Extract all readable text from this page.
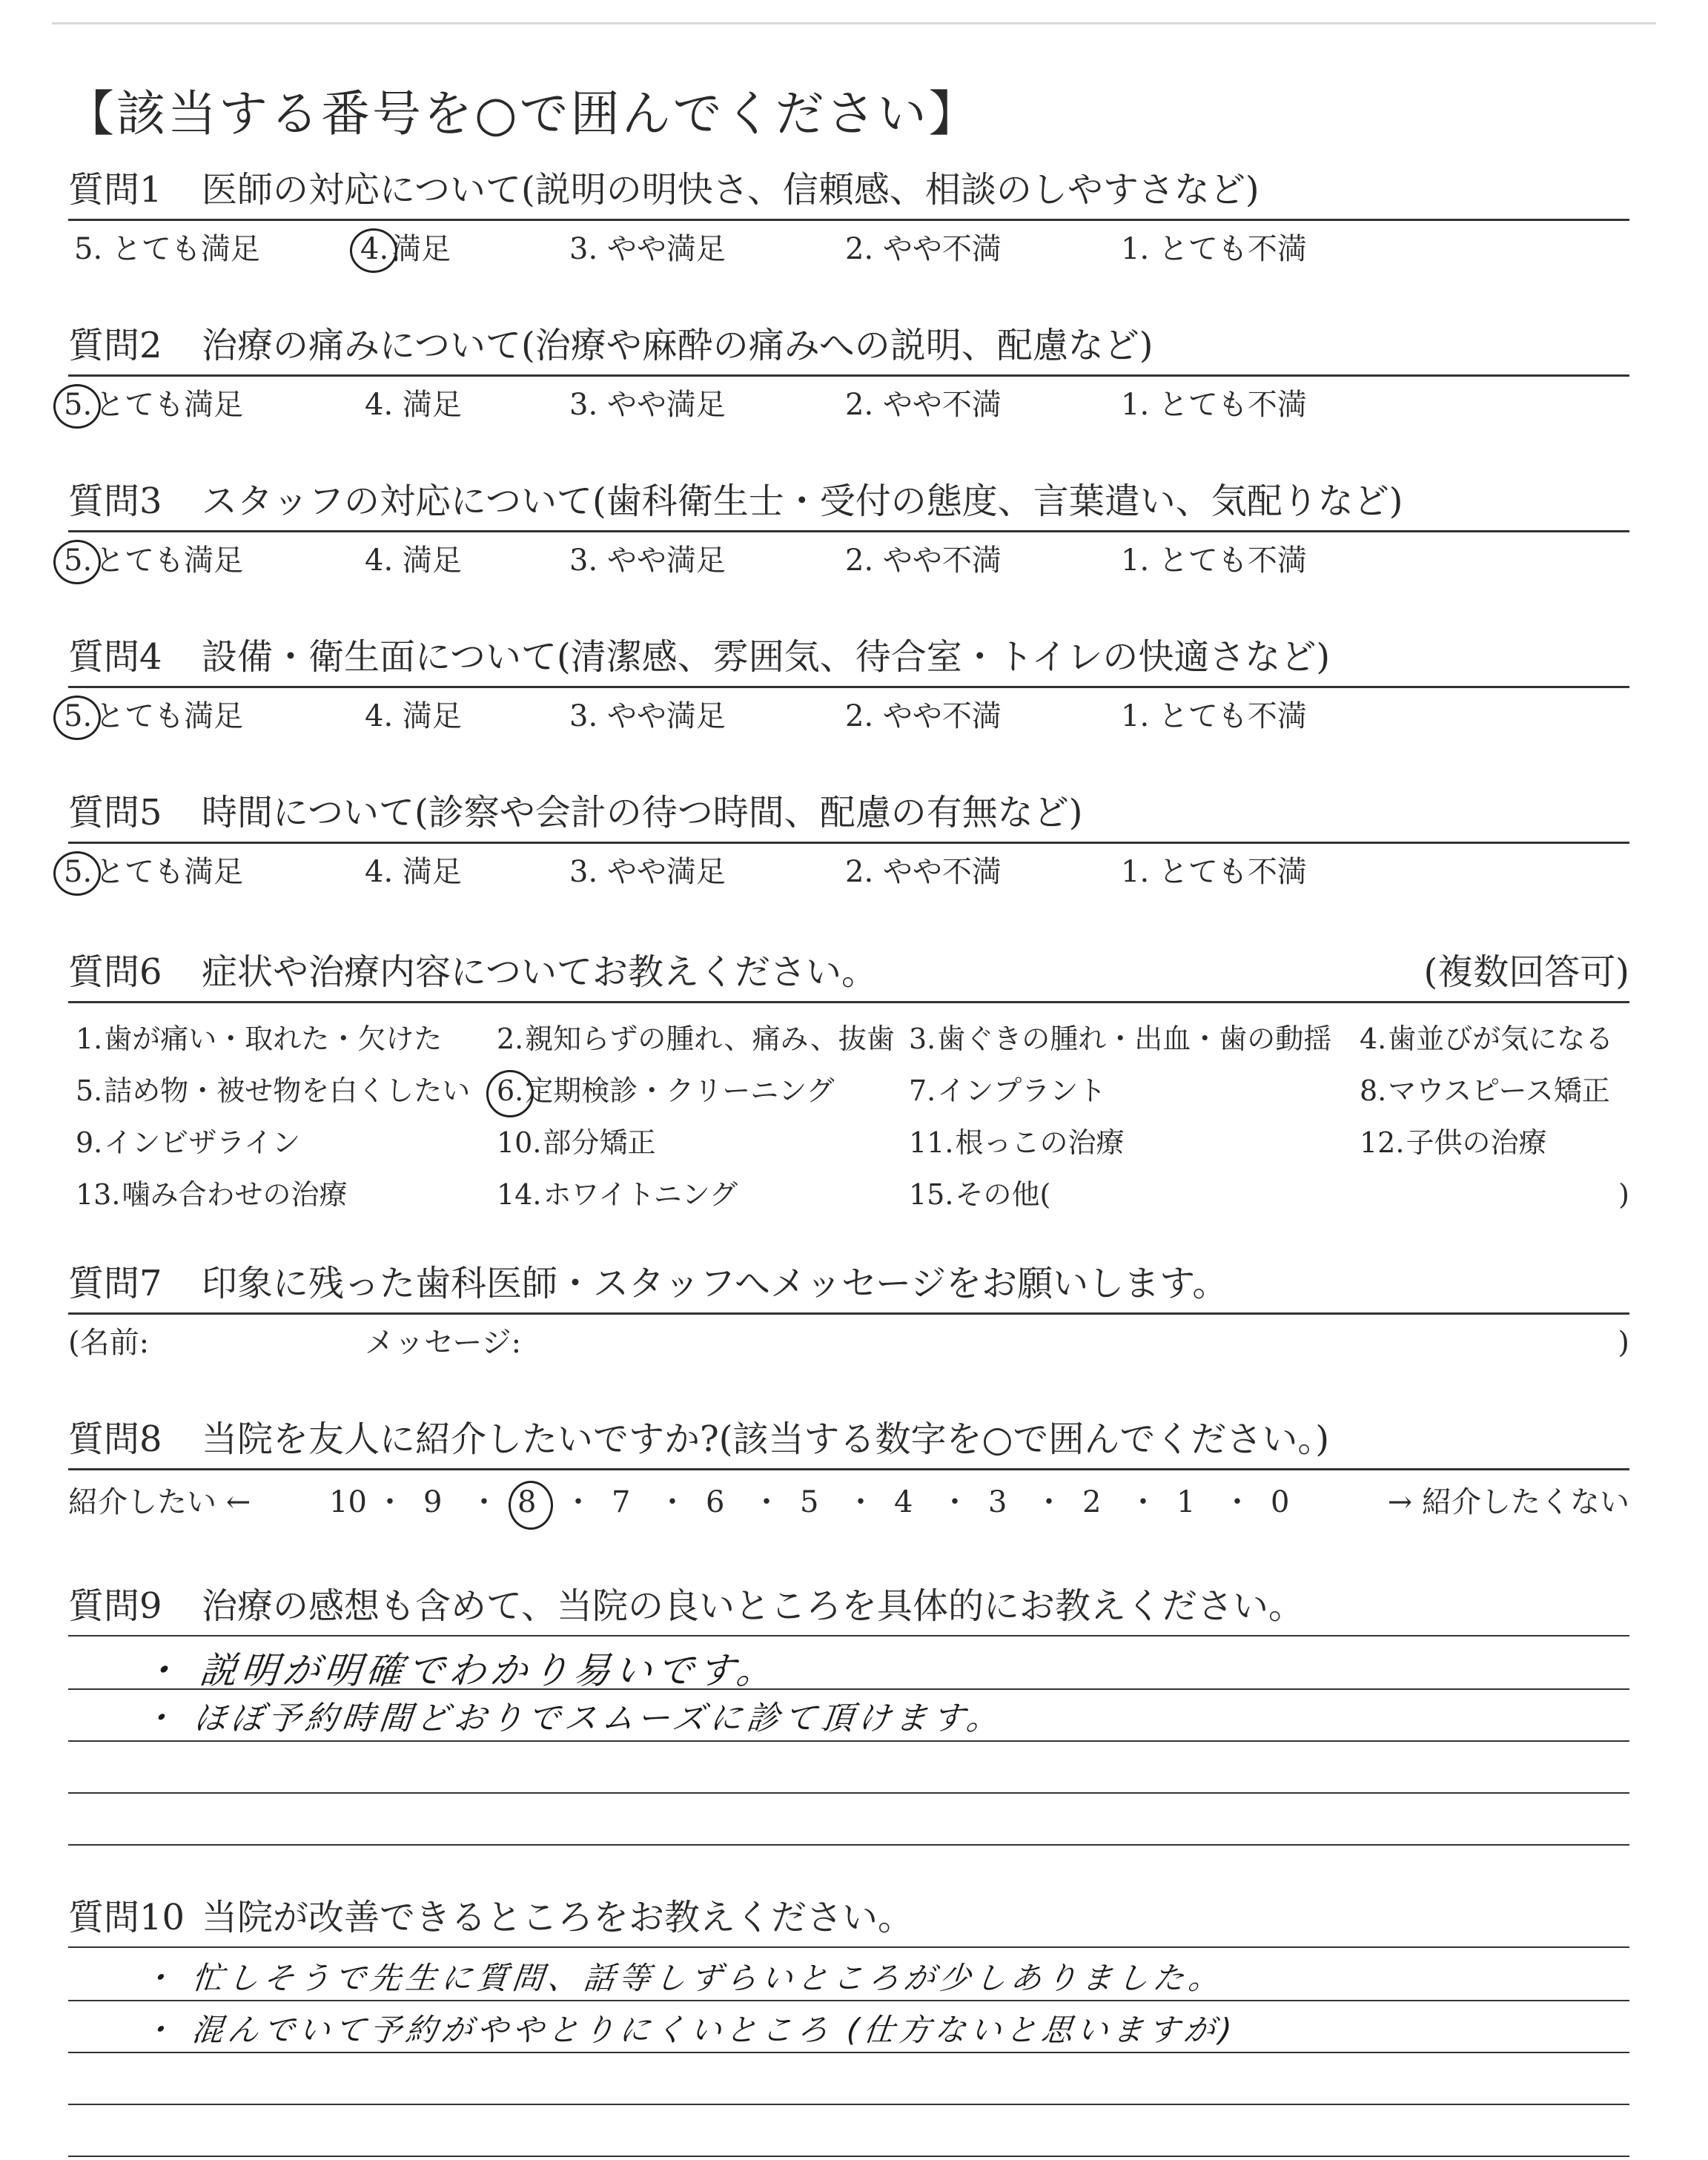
【該当する番号を○で囲んでください】
質問1 医師の対応について(説明の明快さ、信頼感、相談のしやすさなど)
5. とても満足	4. 満足	3. やや満足	2. やや不満	1. とても不満
質問2 治療の痛みについて(治療や麻酔の痛みへの説明、配慮など)
5. とても満足	4. 満足	3. やや満足	2. やや不満	1. とても不満
質問3 スタッフの対応について(歯科衛生士・受付の態度、言葉遣い、気配りなど)
5. とても満足	4. 満足	3. やや満足	2. やや不満	1. とても不満
質問4 設備・衛生面について(清潔感、雰囲気、待合室・トイレの快適さなど)
5. とても満足	4. 満足	3. やや満足	2. やや不満	1. とても不満
質問5 時間について(診察や会計の待つ時間、配慮の有無など)
5. とても満足	4. 満足	3. やや満足	2. やや不満	1. とても不満
質問6 症状や治療内容についてお教えください。	(複数回答可)
1.歯が痛い・取れた・欠けた 2.親知らずの腫れ、痛み、抜歯 3.歯ぐきの腫れ・出血・歯の動揺 4.歯並びが気になる
5.詰め物・被せ物を白くしたい 6.定期検診・クリーニング	7.インプラント	8.マウスピース矯正
9.インビザライン	10.部分矯正	11.根っこの治療	12.子供の治療
13.噛み合わせの治療	14.ホワイトニング	15.その他(	)
質問7 印象に残った歯科医師・スタッフへメッセージをお願いします。
(名前:	メッセージ:	)
質問8 当院を友人に紹介したいですか?(該当する数字を○で囲んでください。)
紹介したい ←	→ 紹介したくない
10 ・ 9 ・ 8 ・ 7 ・ 6 ・ 5 ・ 4 ・ 3 ・ 2 ・ 1 ・ 0
質問9 治療の感想も含めて、当院の良いところを具体的にお教えください。
・ 説明が明確でわかり易いです。
・ ほぼ予約時間どおりでスムーズに診て頂けます。
質問10 当院が改善できるところをお教えください。
・ 忙しそうで先生に質問、話等しずらいところが少しありました。
・ 混んでいて予約がややとりにくいところ (仕方ないと思いますが)
